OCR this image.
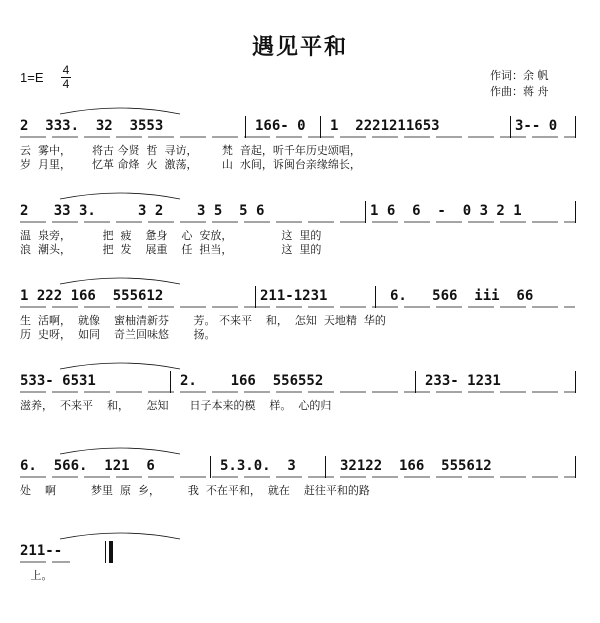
遇见平和
1=E 4
4
作词：余 帆
作曲：蒋 舟
2  333.  32  3553	166- 0 1  2221211653	3-- 0
云  雾中，      将古 今贤  哲  寻访，       梵  音起，听千年历史颂唱，
岁  月里，      忆革 命烽  火  激荡，       山  水间，诉闽台亲缘绵长，
2   33 3.     3 2    3 5  5 6	1 6  6  -  0 3 2 1
温  泉旁，         把  疲    惫身    心  安放，              这  里的
浪  潮头，         把  发    展重    任  担当，              这  里的
1 222 166  555612	211-1231	6.   566  iii  66
生  活啊，  就像    蜜柚清新芬       芳。 不来平    和，  怎知  天地精  华的
历  史呀，  如同    奇兰回味悠       扬。
533- 6531	2.    166  556552	233- 1231
滋养，  不来平    和，     怎知      日子本来的模    样。  心的归
6.  566.  121  6	5.3.0.  3	32122  166  555612
处    啊          梦里  原  乡，        我  不在平和，  就在    赶往平和的路
211--
上。
